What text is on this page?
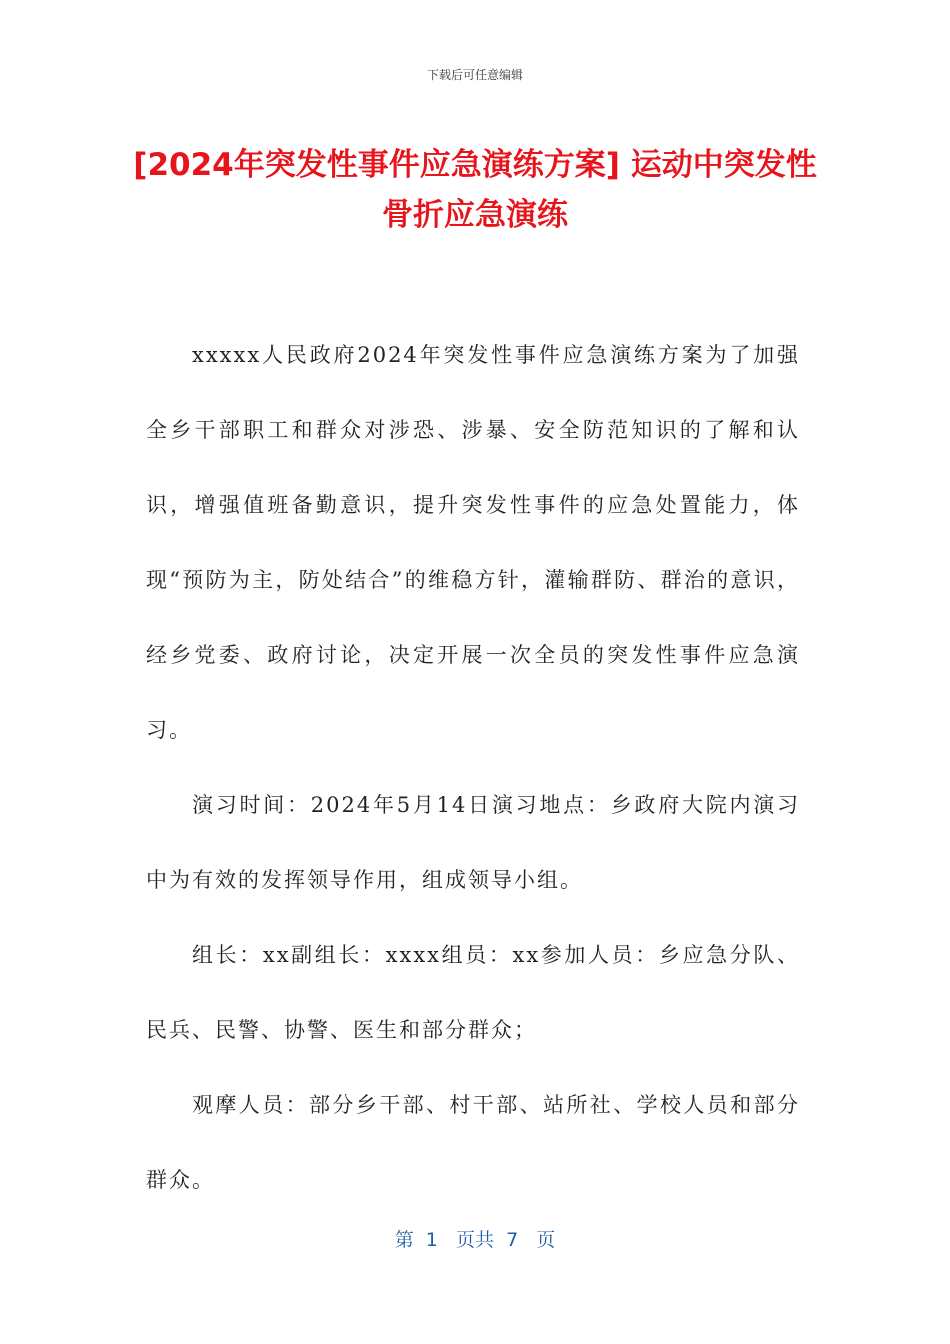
下载后可任意编辑
[2024年突发性事件应急演练方案] 运动中突发性骨折应急演练

xxxxx人民政府2024年突发性事件应急演练方案为了加强全乡干部职工和群众对涉恐、涉暴、安全防范知识的了解和认识，增强值班备勤意识，提升突发性事件的应急处置能力，体现“预防为主，防处结合”的维稳方针，灌输群防、群治的意识，经乡党委、政府讨论，决定开展一次全员的突发性事件应急演习。

演习时间：2024年5月14日演习地点：乡政府大院内演习中为有效的发挥领导作用，组成领导小组。

组长：xx副组长：xxxx组员：xx参加人员：乡应急分队、民兵、民警、协警、医生和部分群众；

观摩人员：部分乡干部、村干部、站所社、学校人员和部分群众。

第  1   页共  7   页
